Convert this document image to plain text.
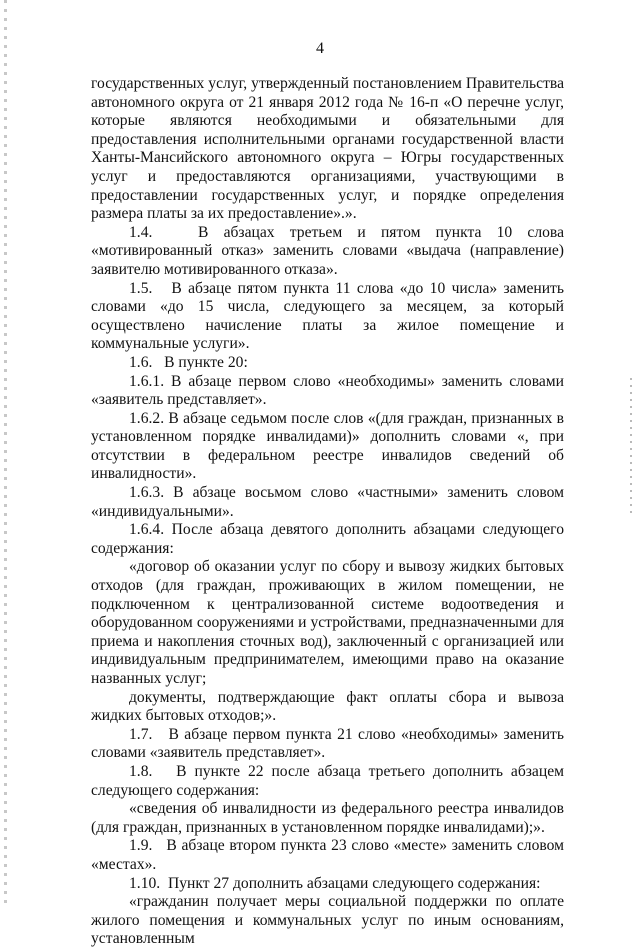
4

государственных услуг, утвержденный постановлением Правительства автономного округа от 21 января 2012 года № 16-п «О перечне услуг, которые являются необходимыми и обязательными для предоставления исполнительными органами государственной власти Ханты-Мансийского автономного округа – Югры государственных услуг и предоставляются организациями, участвующими в предоставлении государственных услуг, и порядке определения размера платы за их предоставление».».

1.4.   В абзацах третьем и пятом пункта 10 слова «мотивированный отказ» заменить словами «выдача (направление) заявителю мотивированного отказа».

1.5.   В абзаце пятом пункта 11 слова «до 10 числа» заменить словами «до 15 числа, следующего за месяцем, за который осуществлено начисление платы за жилое помещение и коммунальные услуги».

1.6.   В пункте 20:

1.6.1. В абзаце первом слово «необходимы» заменить словами «заявитель представляет».

1.6.2. В абзаце седьмом после слов «(для граждан, признанных в установленном порядке инвалидами)» дополнить словами «, при отсутствии в федеральном реестре инвалидов сведений об инвалидности».

1.6.3. В абзаце восьмом слово «частными» заменить словом «индивидуальными».

1.6.4. После абзаца девятого дополнить абзацами следующего содержания:

«договор об оказании услуг по сбору и вывозу жидких бытовых отходов (для граждан, проживающих в жилом помещении, не подключенном к централизованной системе водоотведения и оборудованном сооружениями и устройствами, предназначенными для приема и накопления сточных вод), заключенный с организацией или индивидуальным предпринимателем, имеющими право на оказание названных услуг;

документы, подтверждающие факт оплаты сбора и вывоза жидких бытовых отходов;».

1.7.   В абзаце первом пункта 21 слово «необходимы» заменить словами «заявитель представляет».

1.8.   В пункте 22 после абзаца третьего дополнить абзацем следующего содержания:

«сведения об инвалидности из федерального реестра инвалидов (для граждан, признанных в установленном порядке инвалидами);».

1.9.   В абзаце втором пункта 23 слово «месте» заменить словом «местах».

1.10.  Пункт 27 дополнить абзацами следующего содержания:

«гражданин получает меры социальной поддержки по оплате жилого помещения и коммунальных услуг по иным основаниям, установленным
